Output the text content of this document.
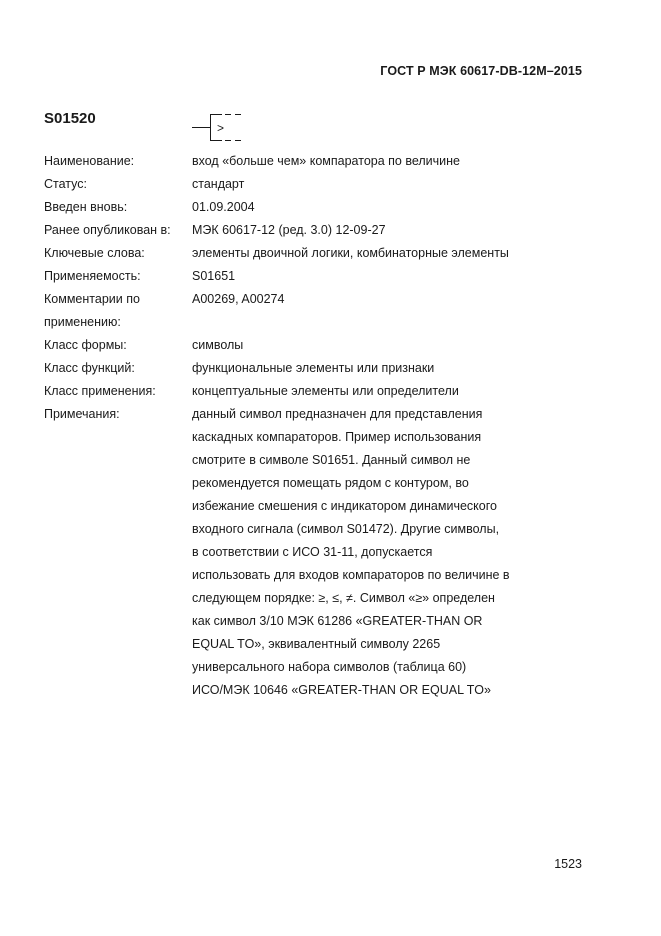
ГОСТ Р МЭК 60617-DB-12М–2015
S01520
>
Наименование:	вход «больше чем» компаратора по величине
Статус:	стандарт
Введен вновь:	01.09.2004
Ранее опубликован в:	МЭК 60617-12 (ред. 3.0) 12-09-27
Ключевые слова:	элементы двоичной логики, комбинаторные элементы
Применяемость:	S01651
Комментарии по	A00269, A00274
применению:
Класс формы:	символы
Класс функций:	функциональные элементы или признаки
Класс применения:	концептуальные элементы или определители
Примечания:	данный символ предназначен для представления
каскадных компараторов. Пример использования
смотрите в символе S01651. Данный символ не
рекомендуется помещать рядом с контуром, во
избежание смешения с индикатором динамического
входного сигнала (символ S01472). Другие символы,
в соответствии с ИСО 31-11, допускается
использовать для входов компараторов по величине в
следующем порядке: ≥, ≤, ≠. Символ «≥» определен
как символ 3/10 МЭК 61286 «GREATER-THAN OR
EQUAL TO», эквивалентный символу 2265
универсального набора символов (таблица 60)
ИСО/МЭК 10646 «GREATER-THAN OR EQUAL TO»
1523
